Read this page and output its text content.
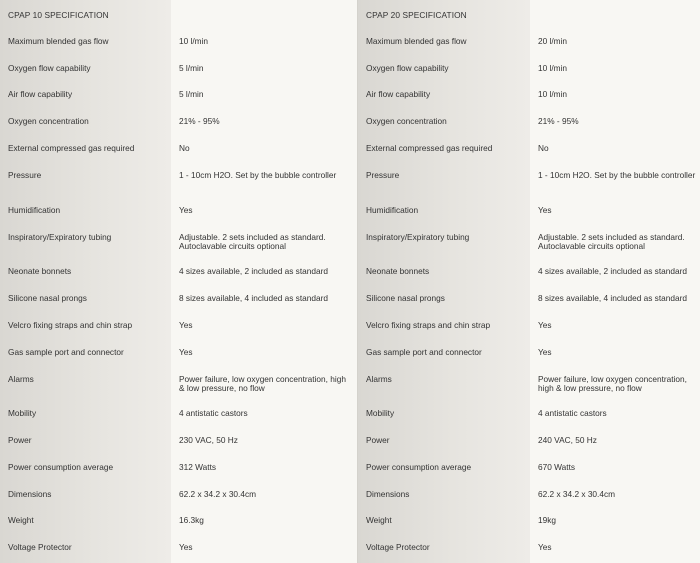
CPAP 10 SPECIFICATION
Maximum blended gas flow	10 l/min
Oxygen flow capability	5 l/min
Air flow capability	5 l/min
Oxygen concentration	21% - 95%
External compressed gas required	No
Pressure	1 - 10cm H2O. Set by the bubble controller
Humidification	Yes
Inspiratory/Expiratory tubing	Adjustable. 2 sets included as standard. Autoclavable circuits optional
Neonate bonnets	4 sizes available, 2 included as standard
Silicone nasal prongs	8 sizes available, 4 included as standard
Velcro fixing straps and chin strap	Yes
Gas sample port and connector	Yes
Alarms	Power failure, low oxygen concentration, high & low pressure, no flow
Mobility	4 antistatic castors
Power	230 VAC, 50 Hz
Power consumption average	312 Watts
Dimensions	62.2 x 34.2 x 30.4cm
Weight	16.3kg
Voltage Protector	Yes
CPAP 20 SPECIFICATION
Maximum blended gas flow	20 l/min
Oxygen flow capability	10 l/min
Air flow capability	10 l/min
Oxygen concentration	21% - 95%
External compressed gas required	No
Pressure	1 - 10cm H2O. Set by the bubble controller
Humidification	Yes
Inspiratory/Expiratory tubing	Adjustable. 2 sets included as standard. Autoclavable circuits optional
Neonate bonnets	4 sizes available, 2 included as standard
Silicone nasal prongs	8 sizes available, 4 included as standard
Velcro fixing straps and chin strap	Yes
Gas sample port and connector	Yes
Alarms	Power failure, low oxygen concentration, high & low pressure, no flow
Mobility	4 antistatic castors
Power	240 VAC, 50 Hz
Power consumption average	670 Watts
Dimensions	62.2 x 34.2 x 30.4cm
Weight	19kg
Voltage Protector	Yes
